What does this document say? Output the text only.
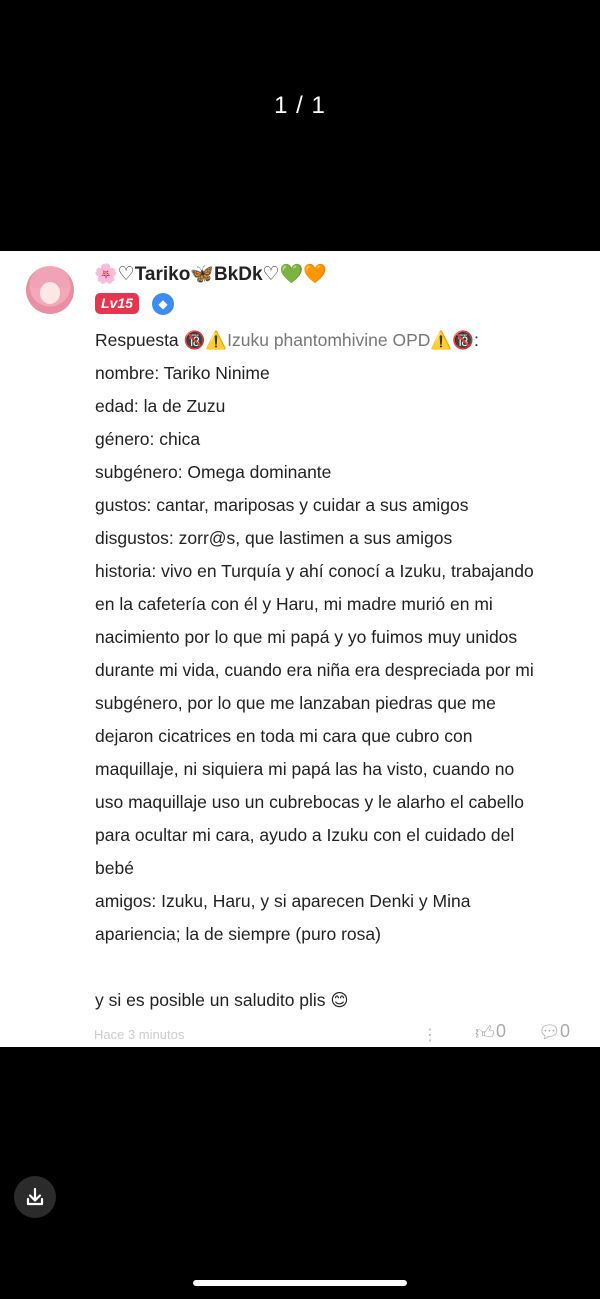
1 / 1
🌸♡Tariko🦋BkDk♡💚🧡
Lv15	◆

Respuesta 🔞⚠️Izuku phantomhivine OPD⚠️🔞:

nombre: Tariko Ninime

edad: la de Zuzu

género: chica

subgénero: Omega dominante

gustos: cantar, mariposas y cuidar a sus amigos

disgustos: zorr@s, que lastimen a sus amigos

historia: vivo en Turquía y ahí conocí a Izuku, trabajando

en la cafetería con él y Haru, mi madre murió en mi

nacimiento por lo que mi papá y yo fuimos muy unidos

durante mi vida, cuando era niña era despreciada por mi

subgénero, por lo que me lanzaban piedras que me

dejaron cicatrices en toda mi cara que cubro con

maquillaje, ni siquiera mi papá las ha visto, cuando no

uso maquillaje uso un cubrebocas y le alarho el cabello

para ocultar mi cara, ayudo a Izuku con el cuidado del

bebé

amigos: Izuku, Haru, y si aparecen Denki y Mina

apariencia; la de siempre (puro rosa)

y si es posible un saludito plis 😊

Hace 3 minutos	⋮ 👍︎ 0 💬︎ 0
